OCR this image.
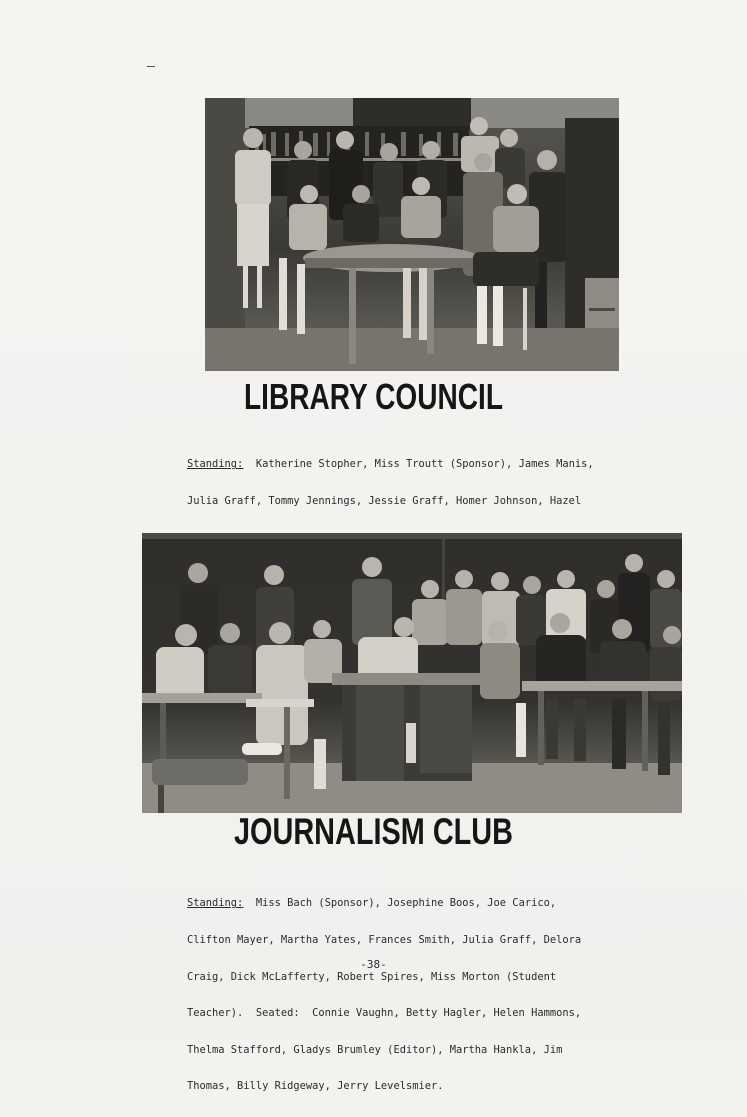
LIBRARY COUNCIL

Standing:  Katherine Stopher, Miss Troutt (Sponsor), James Manis,

Julia Graff, Tommy Jennings, Jessie Graff, Homer Johnson, Hazel

JOURNALISM CLUB

Standing:  Miss Bach (Sponsor), Josephine Boos, Joe Carico,

Clifton Mayer, Martha Yates, Frances Smith, Julia Graff, Delora

Craig, Dick McLafferty, Robert Spires, Miss Morton (Student

Teacher).  Seated:  Connie Vaughn, Betty Hagler, Helen Hammons,

Thelma Stafford, Gladys Brumley (Editor), Martha Hankla, Jim

Thomas, Billy Ridgeway, Jerry Levelsmier.

-38-
